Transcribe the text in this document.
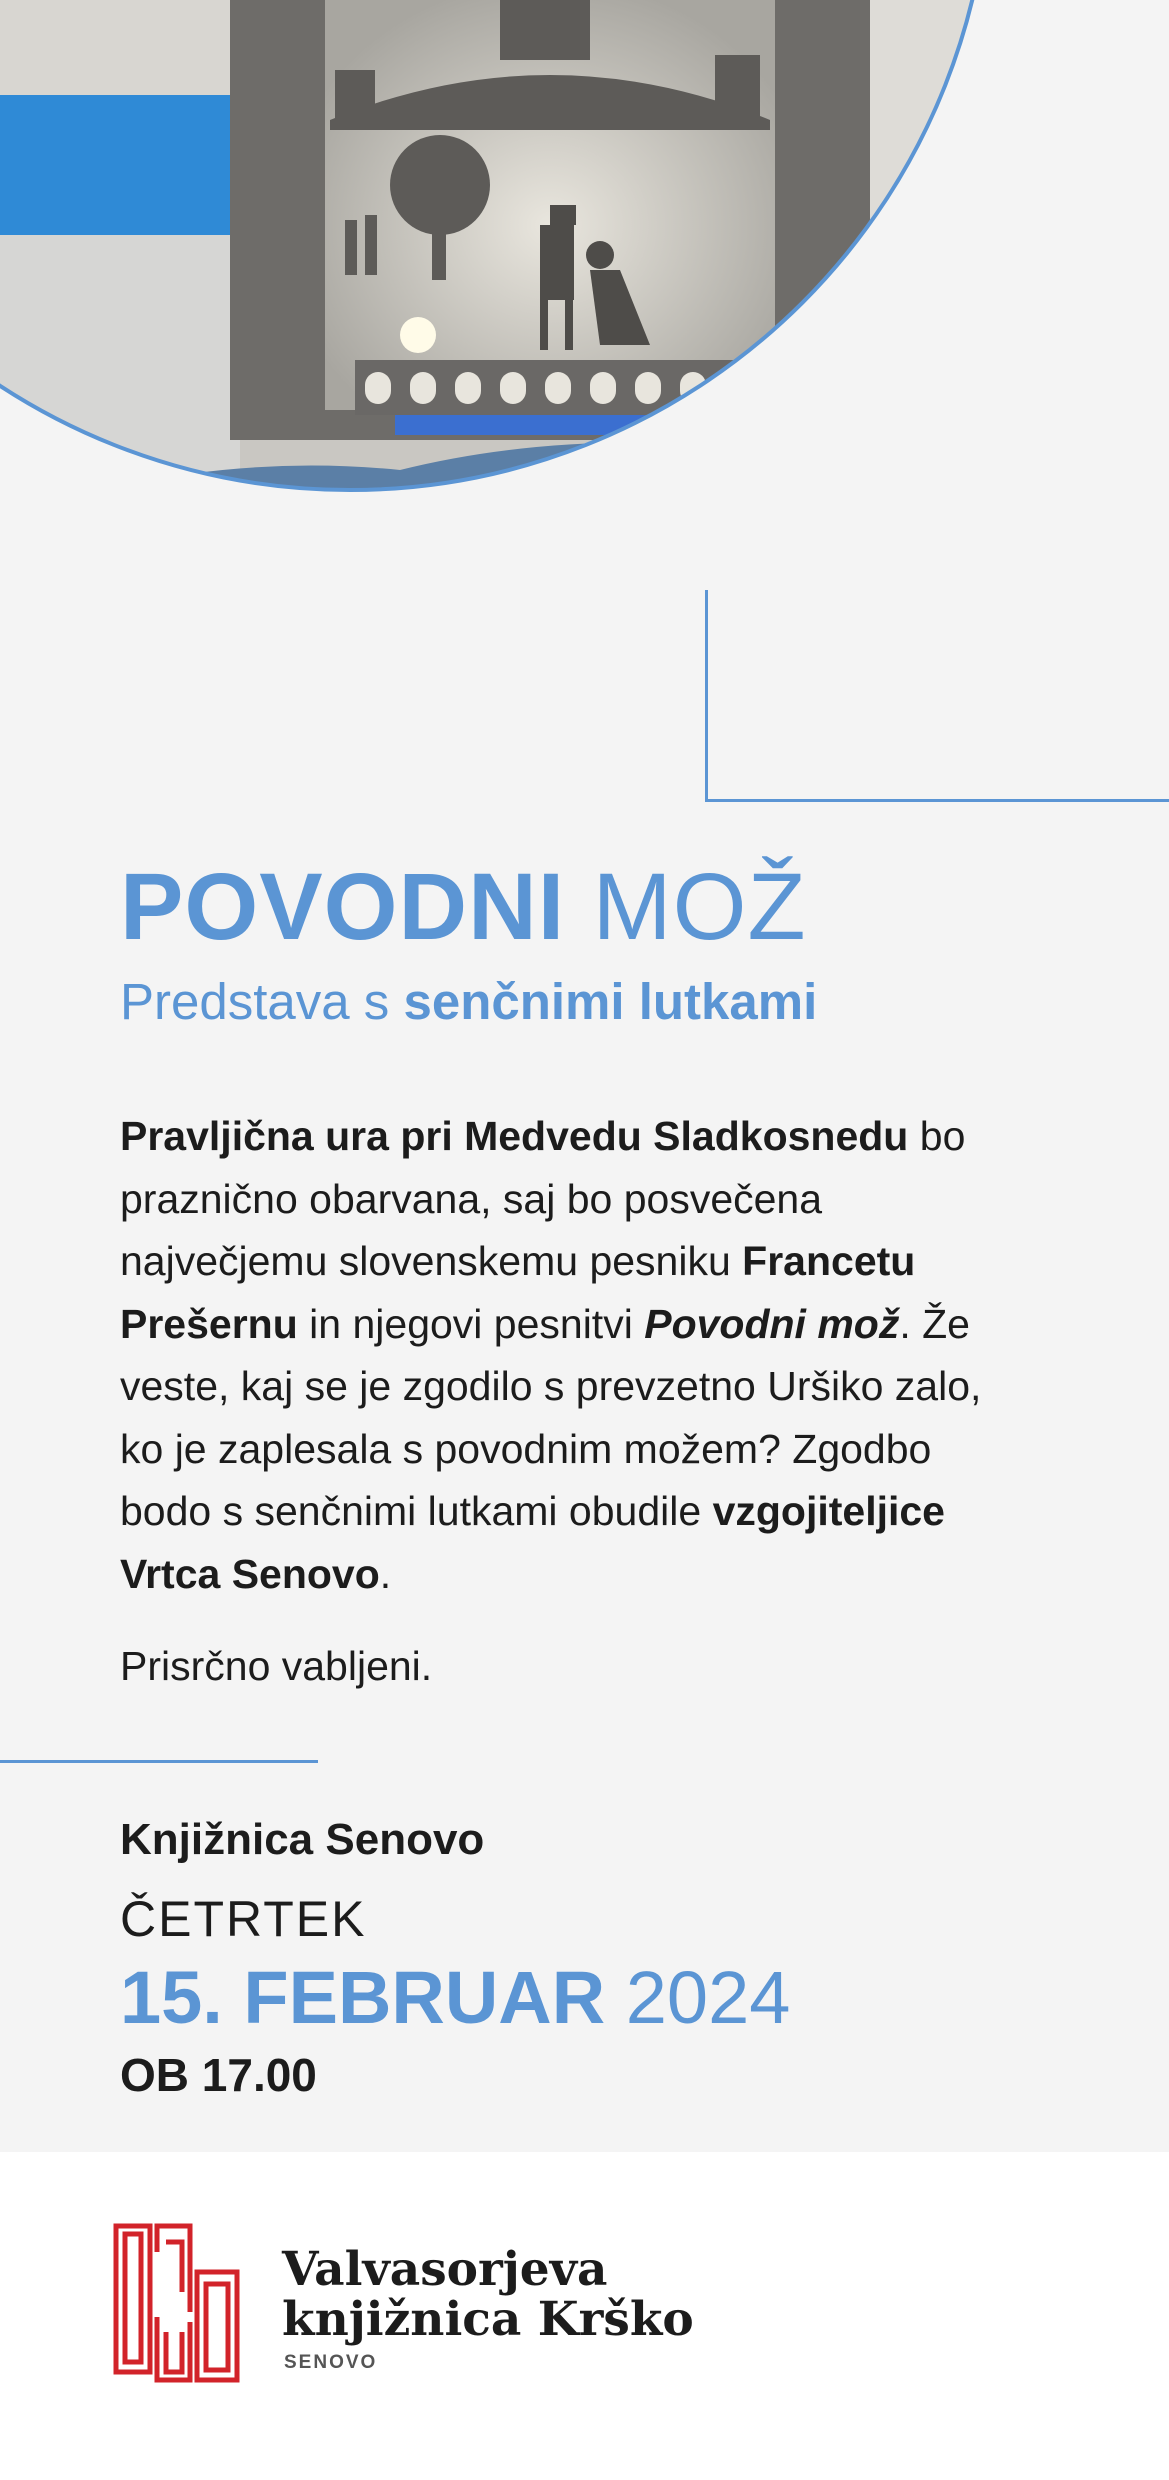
POVODNI MOŽ
Predstava s senčnimi lutkami

Pravljična ura pri Medvedu Sladkosnedu bo praznično obarvana, saj bo posvečena največjemu slovenskemu pesniku Francetu Prešernu in njegovi pesnitvi Povodni mož. Že veste, kaj se je zgodilo s prevzetno Uršiko zalo, ko je zaplesala s povodnim možem? Zgodbo bodo s senčnimi lutkami obudile vzgojiteljice Vrtca Senovo.

Prisrčno vabljeni.
Knjižnica Senovo
ČETRTEK
15. FEBRUAR 2024
OB 17.00
Valvasorjeva
knjižnica Krško
SENOVO
